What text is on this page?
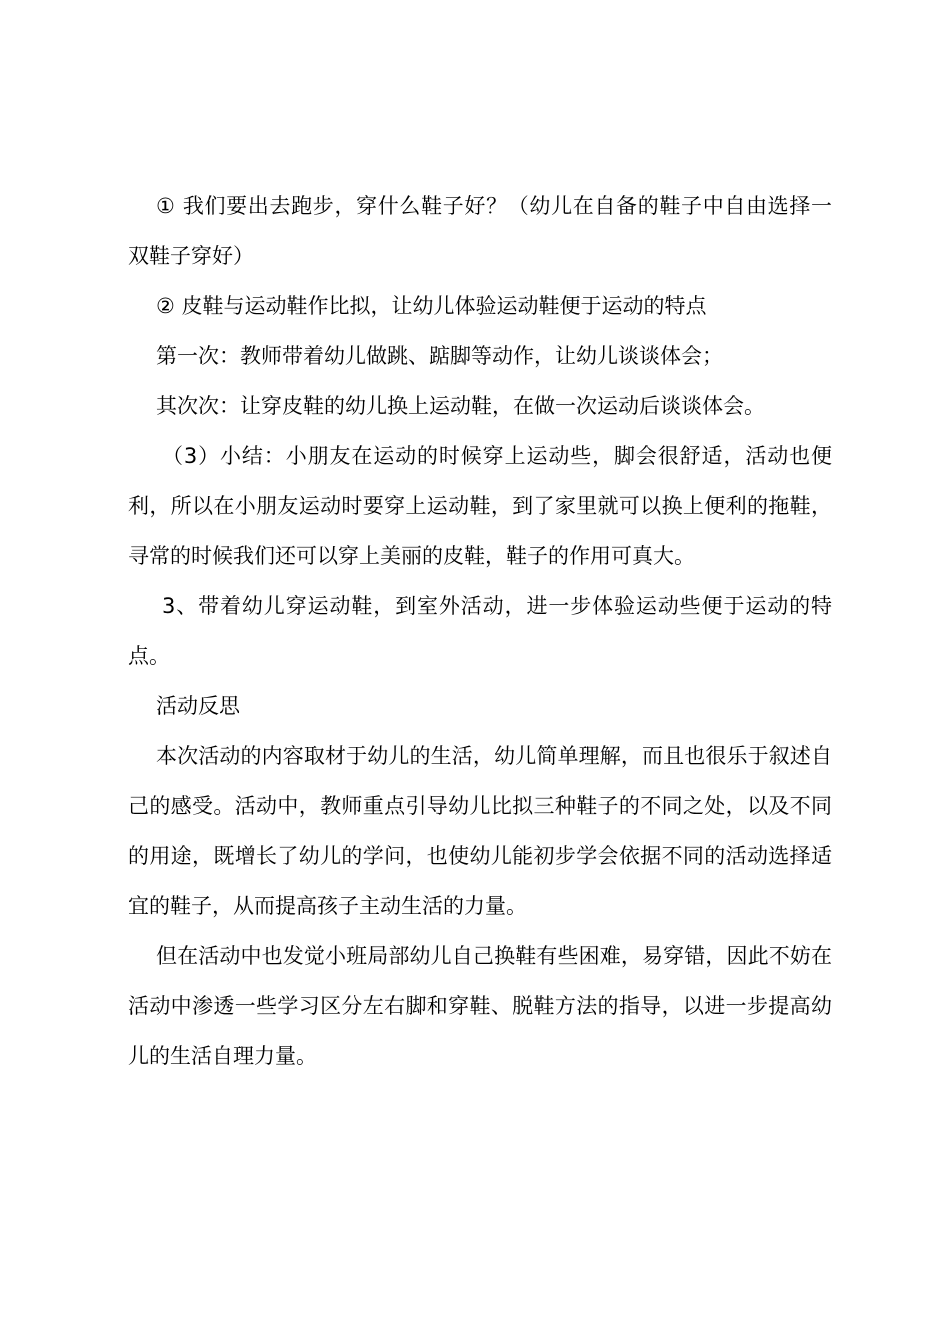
① 我们要出去跑步，穿什么鞋子好？（幼儿在自备的鞋子中自由选择一双鞋子穿好）

② 皮鞋与运动鞋作比拟，让幼儿体验运动鞋便于运动的特点

第一次：教师带着幼儿做跳、踮脚等动作，让幼儿谈谈体会；

其次次：让穿皮鞋的幼儿换上运动鞋，在做一次运动后谈谈体会。

（3）小结：小朋友在运动的时候穿上运动些，脚会很舒适，活动也便利，所以在小朋友运动时要穿上运动鞋，到了家里就可以换上便利的拖鞋，寻常的时候我们还可以穿上美丽的皮鞋，鞋子的作用可真大。

3、带着幼儿穿运动鞋，到室外活动，进一步体验运动些便于运动的特点。

活动反思

本次活动的内容取材于幼儿的生活，幼儿简单理解，而且也很乐于叙述自己的感受。活动中，教师重点引导幼儿比拟三种鞋子的不同之处，以及不同的用途，既增长了幼儿的学问，也使幼儿能初步学会依据不同的活动选择适宜的鞋子，从而提高孩子主动生活的力量。

但在活动中也发觉小班局部幼儿自己换鞋有些困难，易穿错，因此不妨在活动中渗透一些学习区分左右脚和穿鞋、脱鞋方法的指导，以进一步提高幼儿的生活自理力量。
